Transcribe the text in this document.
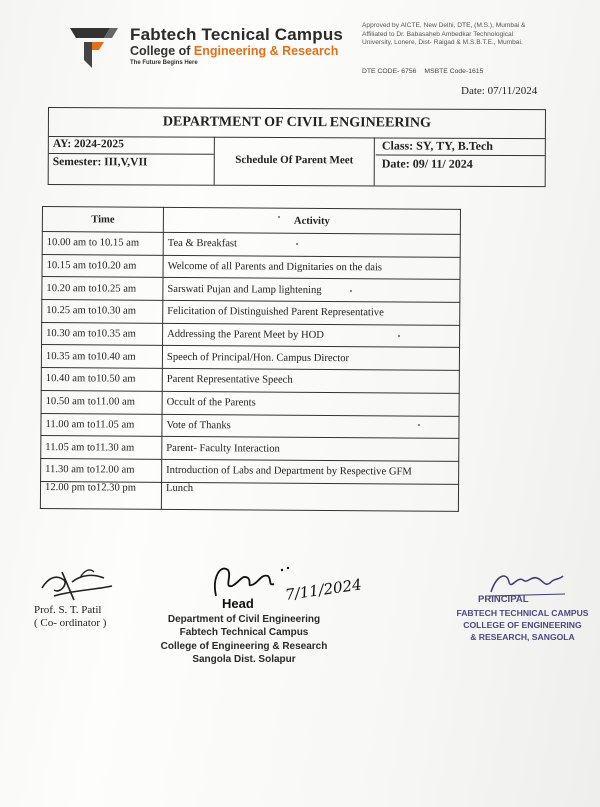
Fabtech Tecnical Campus
College of Engineering & Research
The Future Begins Here
Approved by AICTE, New Delhi, DTE, (M.S.), Mumbai & Affiliated to Dr. Babasaheb Ambedkar Technological University, Lonere, Dist- Raigad & M.S.B.T.E., Mumbai.
DTE CODE- 6756 MSBTE Code-1615
Date: 07/11/2024
DEPARTMENT OF CIVIL ENGINEERING
AY: 2024-2025
Semester: III,V,VII	Schedule Of Parent Meet
Class: SY, TY, B.Tech
Date: 09/ 11/ 2024
Time	Activity
10.00 am to 10.15 am	Tea & Breakfast
10.15 am to10.20 am	Welcome of all Parents and Dignitaries on the dais
10.20 am to10.25 am	Sarswati Pujan and Lamp lightening
10.25 am to10.30 am	Felicitation of Distinguished Parent Representative
10.30 am to10.35 am	Addressing the Parent Meet by HOD
10.35 am to10.40 am	Speech of Principal/Hon. Campus Director
10.40 am to10.50 am	Parent Representative Speech
10.50 am to11.00 am	Occult of the Parents
11.00 am to11.05 am	Vote of Thanks
11.05 am to11.30 am	Parent- Faculty Interaction
11.30 am to12.00 am	Introduction of Labs and Department by Respective GFM
12.00 pm to12.30 pm	Lunch
Prof. S. T. Patil
( Co- ordinator )
7/11/2024
Head
Department of Civil Engineering
Fabtech Technical Campus
College of Engineering & Research
Sangola Dist. Solapur
PRINCIPAL
FABTECH TECHNICAL CAMPUS
COLLEGE OF ENGINEERING
& RESEARCH, SANGOLA
